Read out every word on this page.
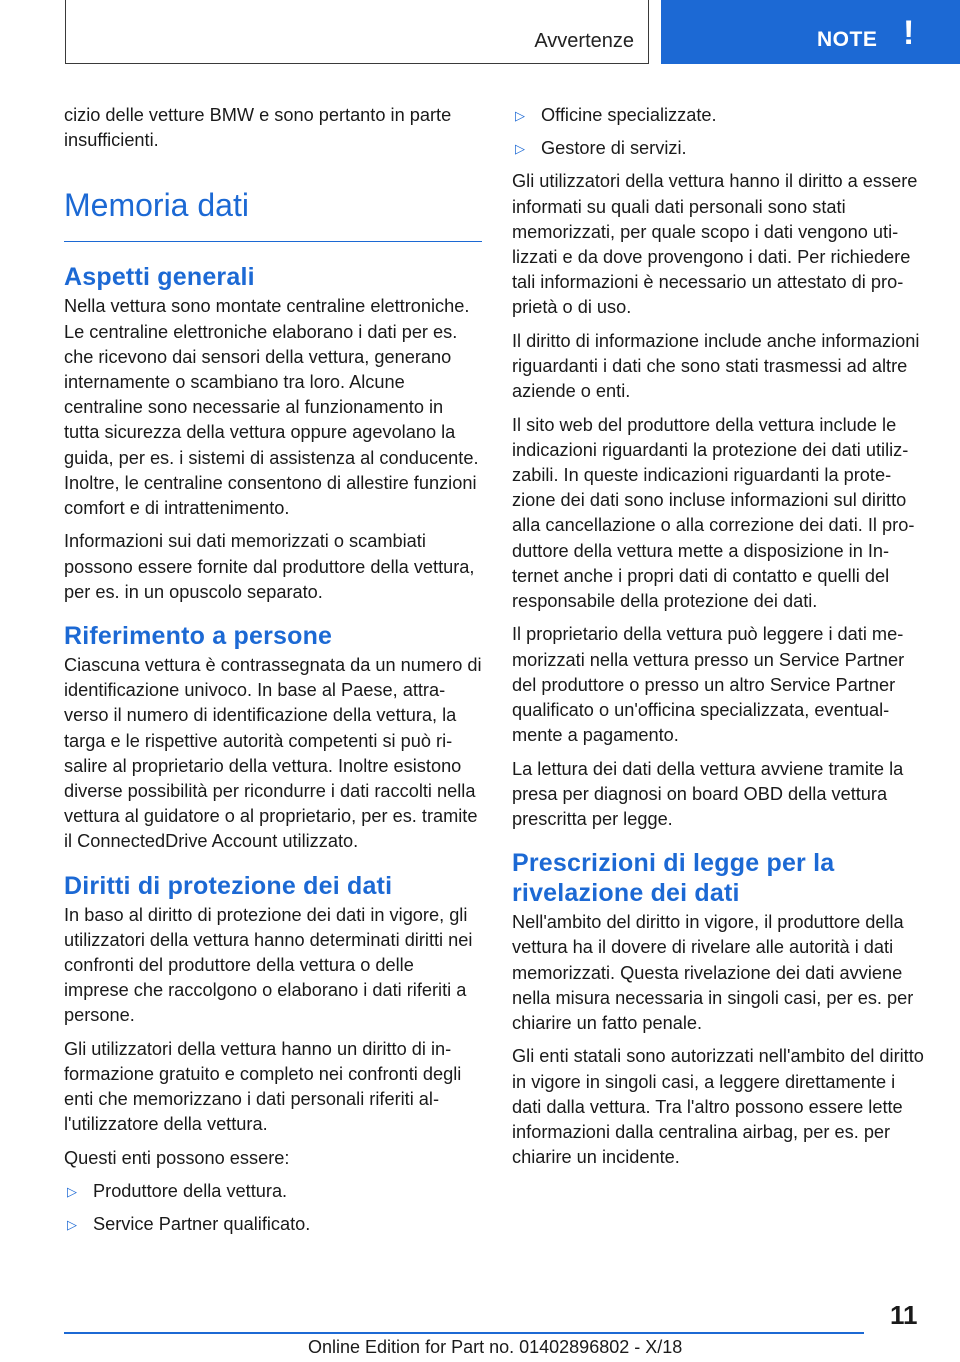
Avvertenze	NOTE !

cizio delle vetture BMW e sono pertanto in parte insufficienti.

Memoria dati
Aspetti generali

Nella vettura sono montate centraline elettroniche. Le centraline elettroniche elaborano i dati per es. che ricevono dai sensori della vettura, generano internamente o scambiano tra loro. Alcune centraline sono necessarie al funzionamento in tutta sicurezza della vettura oppure agevolano la guida, per es. i sistemi di assistenza al conducente. Inoltre, le centraline consentono di allestire funzioni comfort e di intrattenimento.

Informazioni sui dati memorizzati o scambiati possono essere fornite dal produttore della vettura, per es. in un opuscolo separato.

Riferimento a persone

Ciascuna vettura è contrassegnata da un numero di identificazione univoco. In base al Paese, attraverso il numero di identificazione della vettura, la targa e le rispettive autorità competenti si può risalire al proprietario della vettura. Inoltre esistono diverse possibilità per ricondurre i dati raccolti nella vettura al guidatore o al proprietario, per es. tramite il ConnectedDrive Account utilizzato.

Diritti di protezione dei dati

In baso al diritto di protezione dei dati in vigore, gli utilizzatori della vettura hanno determinati diritti nei confronti del produttore della vettura o delle imprese che raccolgono o elaborano i dati riferiti a persone.

Gli utilizzatori della vettura hanno un diritto di informazione gratuito e completo nei confronti degli enti che memorizzano i dati personali riferiti all'utilizzatore della vettura.

Questi enti possono essere:

▷ Produttore della vettura.
▷ Service Partner qualificato.
▷ Officine specializzate.
▷ Gestore di servizi.

Gli utilizzatori della vettura hanno il diritto a essere informati su quali dati personali sono stati memorizzati, per quale scopo i dati vengono utilizzati e da dove provengono i dati. Per richiedere tali informazioni è necessario un attestato di proprietà o di uso.

Il diritto di informazione include anche informazioni riguardanti i dati che sono stati trasmessi ad altre aziende o enti.

Il sito web del produttore della vettura include le indicazioni riguardanti la protezione dei dati utilizzabili. In queste indicazioni riguardanti la protezione dei dati sono incluse informazioni sul diritto alla cancellazione o alla correzione dei dati. Il produttore della vettura mette a disposizione in Internet anche i propri dati di contatto e quelli del responsabile della protezione dei dati.

Il proprietario della vettura può leggere i dati memorizzati nella vettura presso un Service Partner del produttore o presso un altro Service Partner qualificato o un'officina specializzata, eventualmente a pagamento.

La lettura dei dati della vettura avviene tramite la presa per diagnosi on board OBD della vettura prescritta per legge.

Prescrizioni di legge per la rivelazione dei dati

Nell'ambito del diritto in vigore, il produttore della vettura ha il dovere di rivelare alle autorità i dati memorizzati. Questa rivelazione dei dati avviene nella misura necessaria in singoli casi, per es. per chiarire un fatto penale.

Gli enti statali sono autorizzati nell'ambito del diritto in vigore in singoli casi, a leggere direttamente i dati dalla vettura. Tra l'altro possono essere lette informazioni dalla centralina airbag, per es. per chiarire un incidente.

11
Online Edition for Part no. 01402896802 - X/18
